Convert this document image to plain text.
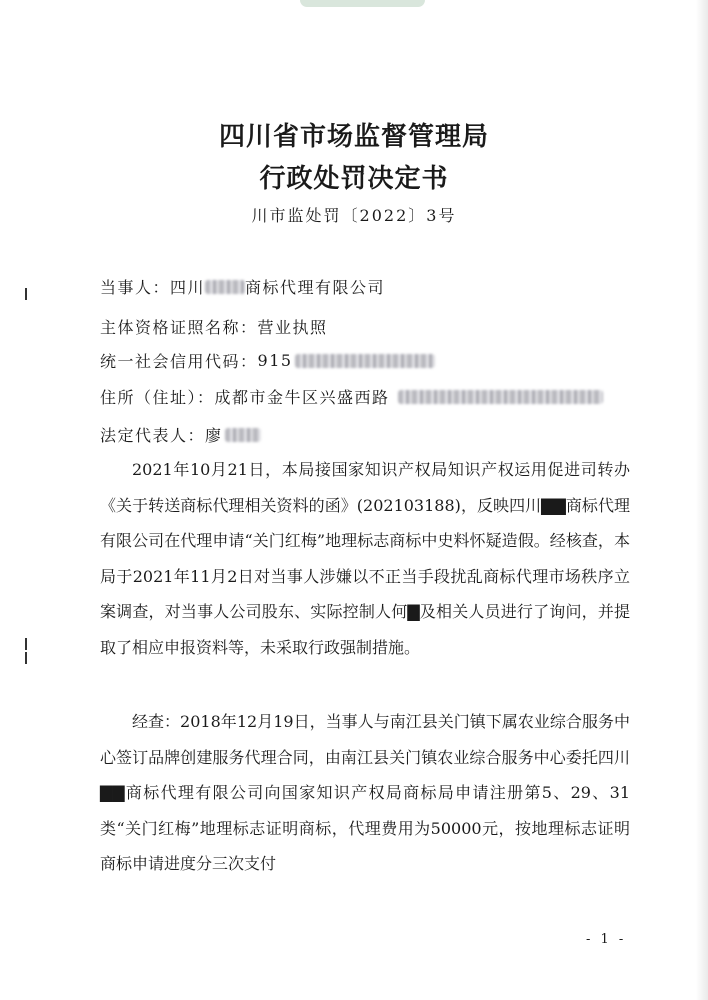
四川省市场监督管理局
行政处罚决定书
川市监处罚〔2022〕3号
当事人： 四川	商标代理有限公司
主体资格证照名称： 营业执照
统一社会信用代码： 915
住所（住址）： 成都市金牛区兴盛西路
法定代表人： 廖

2021年10月21日，本局接国家知识产权局知识产权运用促进司转办《关于转送商标代理相关资料的函》(202103188)，反映四川▇▇商标代理有限公司在代理申请“关门红梅”地理标志商标中史料怀疑造假。经核查，本局于2021年11月2日对当事人涉嫌以不正当手段扰乱商标代理市场秩序立案调查，对当事人公司股东、实际控制人何▇及相关人员进行了询问，并提取了相应申报资料等，未采取行政强制措施。

经查：2018年12月19日，当事人与南江县关门镇下属农业综合服务中心签订品牌创建服务代理合同，由南江县关门镇农业综合服务中心委托四川▇▇商标代理有限公司向国家知识产权局商标局申请注册第5、29、31类“关门红梅”地理标志证明商标，代理费用为50000元，按地理标志证明商标申请进度分三次支付

- 1 -
